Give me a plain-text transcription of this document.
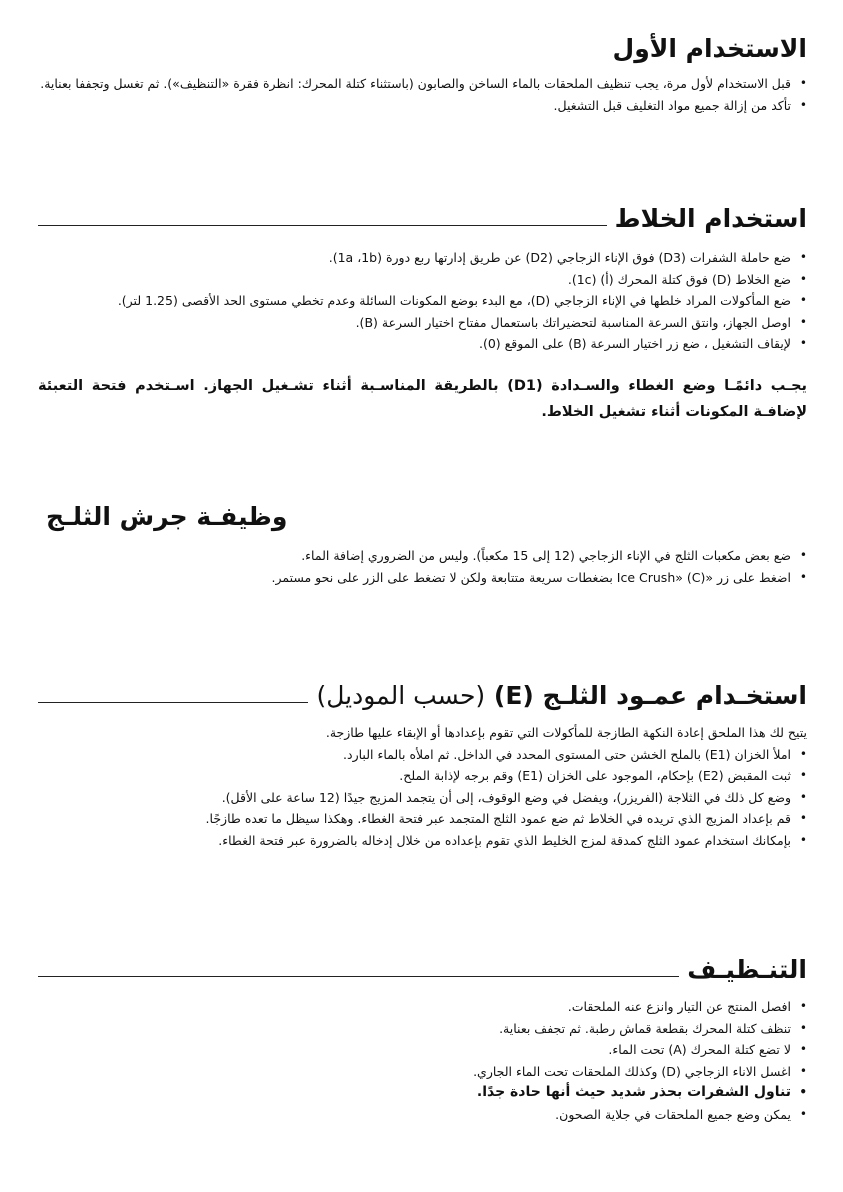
الاستخدام الأول
• قبل الاستخدام لأول مرة، يجب تنظيف الملحقات بالماء الساخن والصابون (باستثناء كتلة المحرك: انظرة فقرة «التنظيف»). ثم تغسل وتجففا بعناية.
• تأكد من إزالة جميع مواد التغليف قبل التشغيل.
استخدام الخلاط
• ضع حاملة الشفرات (D3) فوق الإناء الزجاجي (D2) عن طريق إدارتها ربع دورة (1a ،1b).
• ضع الخلاط (D) فوق كتلة المحرك (أ) (1c).
• ضع المأكولات المراد خلطها في الإناء الزجاجي (D)، مع البدء بوضع المكونات السائلة وعدم تخطي مستوى الحد الأقصى (1.25 لتر).
• اوصل الجهاز، وانتق السرعة المناسبة لتحضيراتك باستعمال مفتاح اختيار السرعة (B).
• لإيقاف التشغيل ، ضع زر اختيار السرعة (B) على الموقع (0).

يجـب دائمًـا وضع الغطاء والسـدادة (D1) بالطريقة المناسـبة أثناء تشـغيل الجهاز. اسـتخدم فتحة التعبئة لإضافـة المكونات أثناء تشغيل الخلاط.

وظيفـة جرش الثلـج
• ضع بعض مكعبات الثلج في الإناء الزجاجي (12 إلى 15 مكعباً). وليس من الضروري إضافة الماء.
• اضغط على زر «Ice Crush» (C) بضغطات سريعة متتابعة ولكن لا تضغط على الزر على نحو مستمر.
استخـدام عمـود الثلـج (E) (حسب الموديل)

يتيح لك هذا الملحق إعادة النكهة الطازجة للمأكولات التي تقوم بإعدادها أو الإبقاء عليها طازجة.

• املأ الخزان (E1) بالملح الخشن حتى المستوى المحدد في الداخل. ثم املأه بالماء البارد.
• ثبت المقبض (E2) بإحكام، الموجود على الخزان (E1) وقم برجه لإذابة الملح.
• وضع كل ذلك في الثلاجة (الفريزر)، ويفضل في وضع الوقوف، إلى أن يتجمد المزيج جيدًا (12 ساعة على الأقل).
• قم بإعداد المزيج الذي تريده في الخلاط ثم ضع عمود الثلج المتجمد عبر فتحة الغطاء. وهكذا سيظل ما تعده طازجًا.
• بإمكانك استخدام عمود الثلج كمدقة لمزج الخليط الذي تقوم بإعداده من خلال إدخاله بالضرورة عبر فتحة الغطاء.
التنـظيـف
• افصل المنتج عن التيار وانزع عنه الملحقات.
• تنظف كتلة المحرك بقطعة قماش رطبة. ثم تجفف بعناية.
• لا تضع كتلة المحرك (A) تحت الماء.
• اغسل الاناء الزجاجي (D) وكذلك الملحقات تحت الماء الجاري.
• تناول الشفرات بحذر شديد حيث أنها حادة جدًا.
• يمكن وضع جميع الملحقات في جلاية الصحون.
